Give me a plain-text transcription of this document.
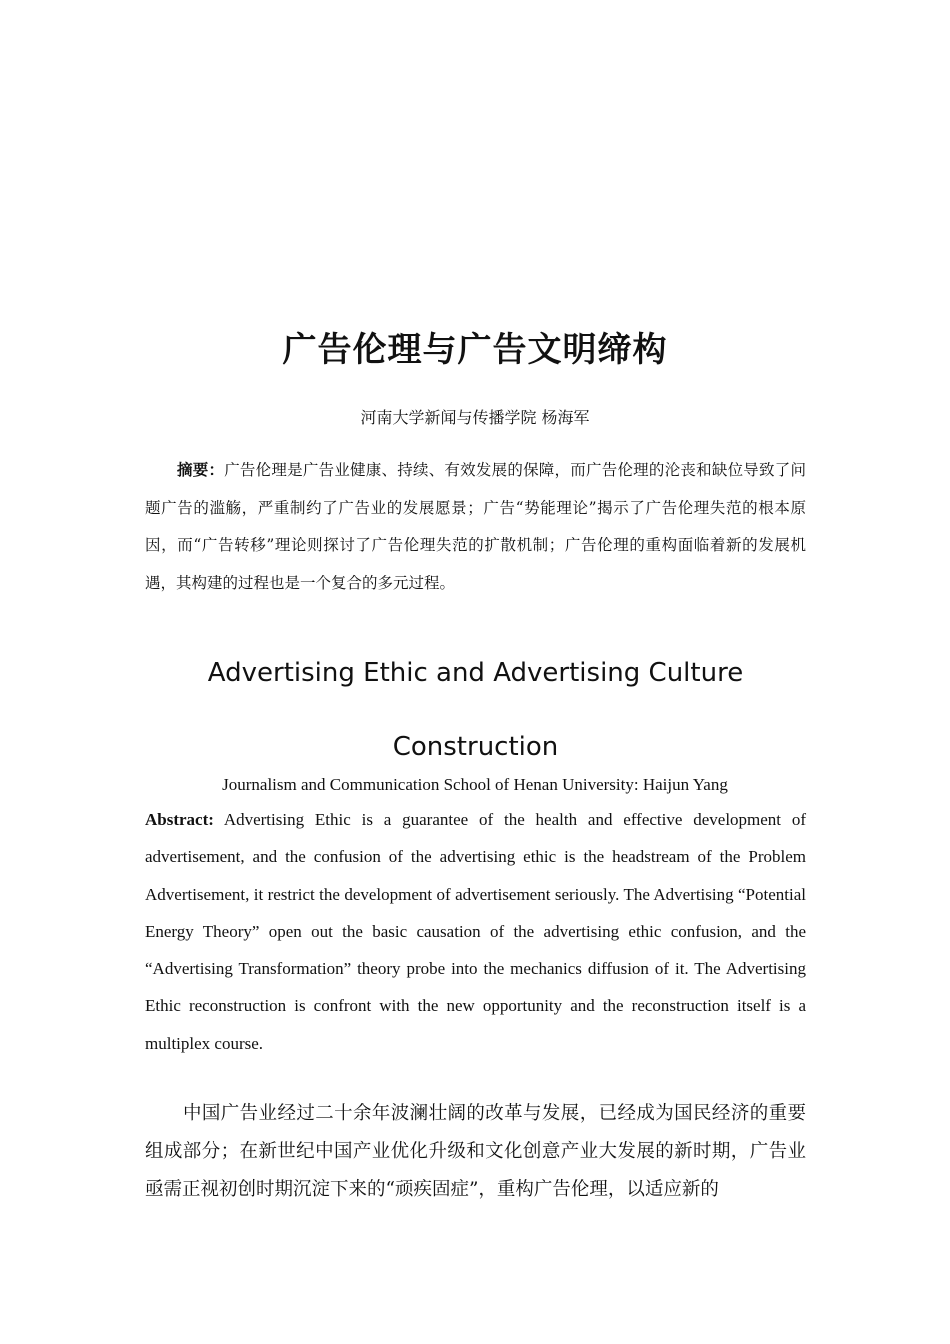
广告伦理与广告文明缔构
河南大学新闻与传播学院 杨海军

摘要：广告伦理是广告业健康、持续、有效发展的保障，而广告伦理的沦丧和缺位导致了问题广告的滥觞，严重制约了广告业的发展愿景；广告“势能理论”揭示了广告伦理失范的根本原因，而“广告转移”理论则探讨了广告伦理失范的扩散机制；广告伦理的重构面临着新的发展机遇，其构建的过程也是一个复合的多元过程。

Advertising Ethic and Advertising Culture Construction
Journalism and Communication School of Henan University: Haijun Yang

Abstract: Advertising Ethic is a guarantee of the health and effective development of advertisement, and the confusion of the advertising ethic is the headstream of the Problem Advertisement, it restrict the development of advertisement seriously. The Advertising “Potential Energy Theory” open out the basic causation of the advertising ethic confusion, and the “Advertising Transformation” theory probe into the mechanics diffusion of it. The Advertising Ethic reconstruction is confront with the new opportunity and the reconstruction itself is a multiplex course.

中国广告业经过二十余年波澜壮阔的改革与发展，已经成为国民经济的重要组成部分；在新世纪中国产业优化升级和文化创意产业大发展的新时期，广告业亟需正视初创时期沉淀下来的“顽疾固症”，重构广告伦理，以适应新的
